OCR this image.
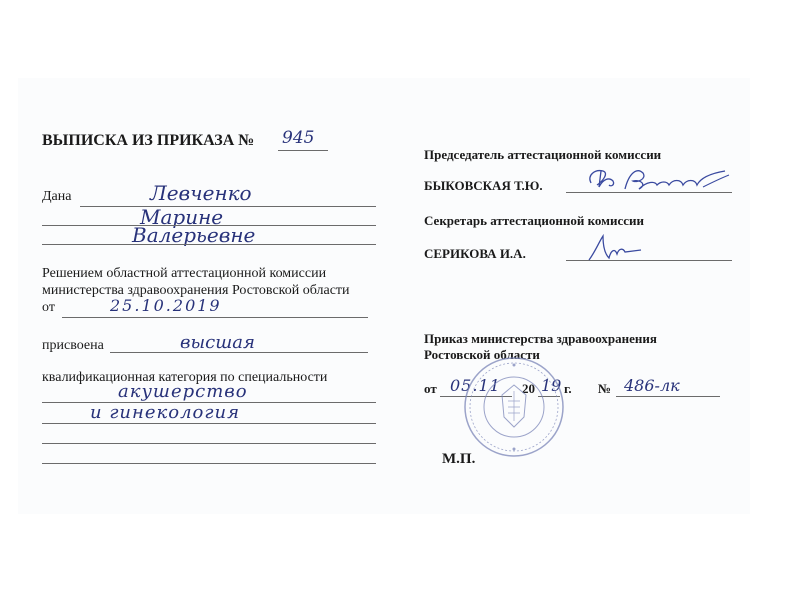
ВЫПИСКА ИЗ ПРИКАЗА № 945
Дана	Левченко
Марине
Валерьевне
Решением областной аттестационной комиссии
министерства здравоохранения Ростовской области
от	25.10.2019
присвоена	высшая
квалификационная категория по специальности
акушерство
и гинекология
Председатель аттестационной комиссии
БЫКОВСКАЯ Т.Ю.
Секретарь аттестационной комиссии
СЕРИКОВА И.А.
Приказ министерства здравоохранения
Ростовской области
от 05.11 20 19 г. № 486-лк
М.П.
